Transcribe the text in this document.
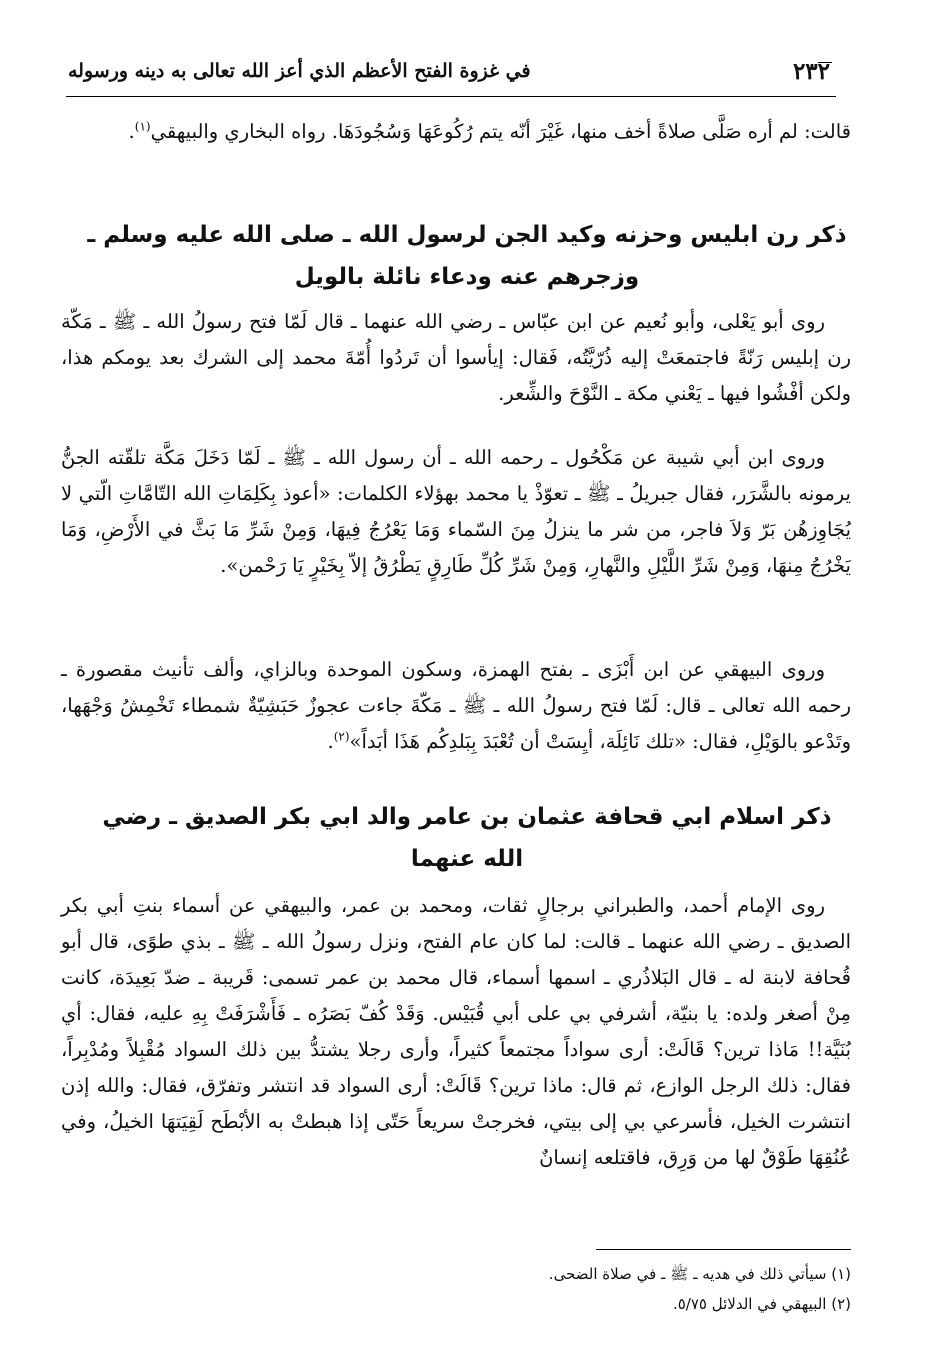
٢٣٢
في غزوة الفتح الأعظم الذي أعز الله تعالى به دينه ورسوله

قالت: لم أره صَلَّى صلاةً أخف منها، غَيْرَ أنّه يتم رُكُوعَهَا وَسُجُودَهَا. رواه البخاري والبيهقي$^{(١)}$.

ذكر رن ابليس وحزنه وكيد الجن لرسول الله ـ صلى الله عليه وسلم ـ وزجرهم عنه ودعاء نائلة بالويل

روى أبو يَعْلى، وأبو نُعيم عن ابن عبّاس ـ رضي الله عنهما ـ قال لَمّا فتح رسولُ الله ـ ﷺ ـ مَكّة رن إبليس رَنّةً فاجتمعَتْ إليه ذُرّيَّتُه، فَقال: إيأسوا أن تَردُوا أُمّةَ محمد إلى الشرك بعد يومكم هذا، ولكن أفْشُوا فيها ـ يَعْني مكة ـ النَّوْحَ والشِّعر.

وروى ابن أبي شيبة عن مَكْحُول ـ رحمه الله ـ أن رسول الله ـ ﷺ ـ لَمّا دَخَلَ مَكَّة تلقّته الجنُّ يرمونه بالشَّرَر، فقال جبريلُ ـ ﷺ ـ تعوّذْ يا محمد بهؤلاء الكلمات: «أعوذ بِكَلِمَاتِ الله التّامَّاتِ الّتي لا يُجَاوِزهُن بَرّ وَلاَ فاجر، من شر ما ينزلُ مِنَ السّماء وَمَا يَعْرُجُ فِيهَا، وَمِنْ شَرِّ مَا بَثَّ في الأَرْضِ، وَمَا يَخْرُجُ مِنهَا، وَمِنْ شَرِّ اللَّيْلِ والنَّهارِ، وَمِنْ شَرِّ كُلِّ طَارِقٍ يَطْرُقُ إلاّ بِخَيْرٍ يَا رَحْمن».

وروى البيهقي عن ابن أَبْزَى ـ بفتح الهمزة، وسكون الموحدة وبالزاي، وألف تأنيث مقصورة ـ رحمه الله تعالى ـ قال: لَمّا فتح رسولُ الله ـ ﷺ ـ مَكّةَ جاءت عجوزٌ حَبَشِيّةٌ شمطاء تَخْمِشُ وَجْهَها، وتَدْعو بالوَيْلِ، فقال: «تلك نَائِلَة، أيِسَتْ أن تُعْبَدَ بِبَلدِكُم هَذَا أبَداً»$^{(٢)}$.

ذكر اسلام ابي قحافة عثمان بن عامر والد ابي بكر الصديق ـ رضي الله عنهما

روى الإمام أحمد، والطبراني برجالٍ ثقات، ومحمد بن عمر، والبيهقي عن أسماء بنتِ أبي بكر الصديق ـ رضي الله عنهما ـ قالت: لما كان عام الفتح، ونزل رسولُ الله ـ ﷺ ـ بذي طوًى، قال أبو قُحافة لابنة له ـ قال البَلاذُري ـ اسمها أسماء، قال محمد بن عمر تسمى: قَريبة ـ ضدّ بَعِيدَة، كانت مِنْ أصغر ولده: يا بنيّة، أشرفي بي على أبي قُبَيْس. وَقَدْ كُفّ بَصَرُه ـ فَأَشْرَفَتْ بِهِ عليه، فقال: أي بُنَيَّة!! مَاذا ترين؟ قَالَتْ: أرى سواداً مجتمعاً كثيراً، وأرى رجلا يشتدُّ بين ذلك السواد مُقْبِلاً ومُدْبِراً، فقال: ذلك الرجل الوازع، ثم قال: ماذا ترين؟ قَالَتْ: أرى السواد قد انتشر وتفرّق، فقال: والله إذن انتشرت الخيل، فأسرعي بي إلى بيتي، فخرجتْ سريعاً حَتّى إذا هبطتْ به الأبْطَح لَقِيَتهَا الخيلُ، وفي عُنُقِهَا طَوْقٌ لها من وَرِق، فاقتلعه إنسانٌ

(١) سيأتي ذلك في هديه ـ ﷺ ـ في صلاة الضحى.

(٢) البيهقي في الدلائل ٥/٧٥.
